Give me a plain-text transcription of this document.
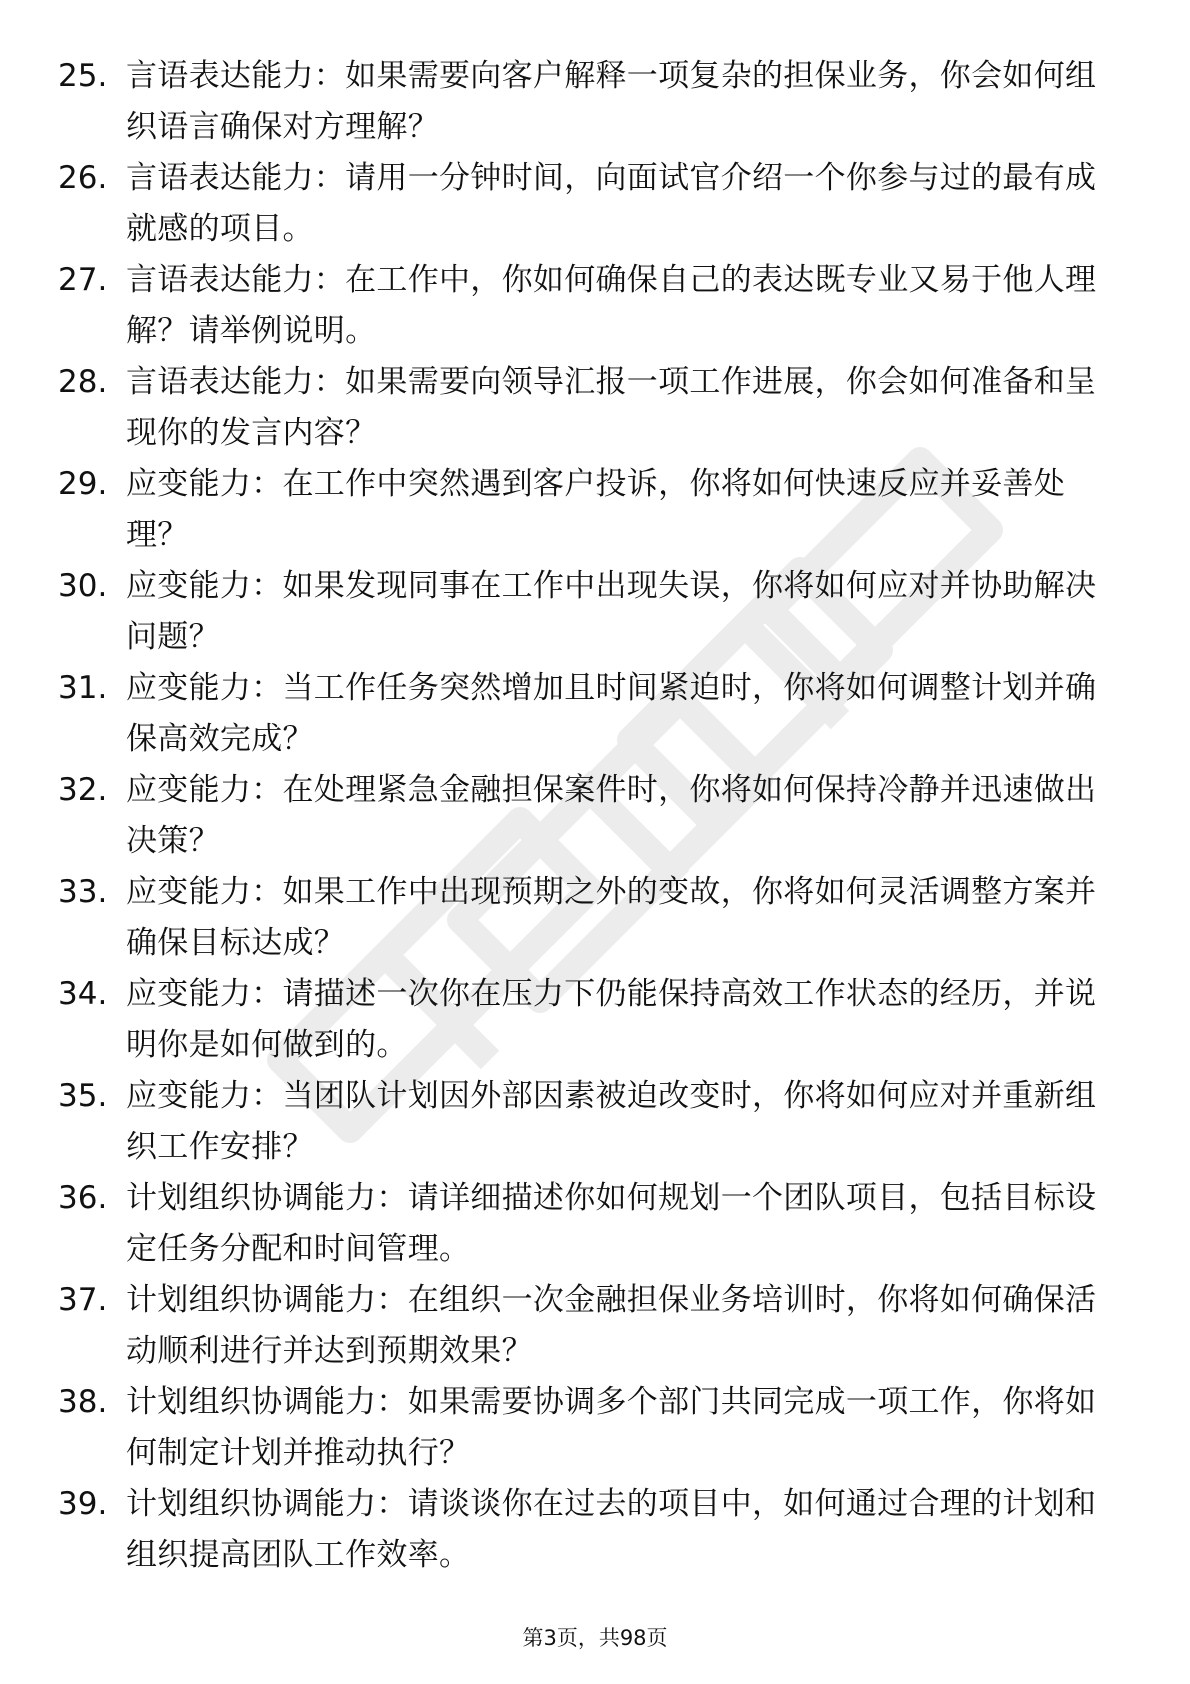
25. 言语表达能力：如果需要向客户解释一项复杂的担保业务，你会如何组织语言确保对方理解？
26. 言语表达能力：请用一分钟时间，向面试官介绍一个你参与过的最有成就感的项目。
27. 言语表达能力：在工作中，你如何确保自己的表达既专业又易于他人理解？请举例说明。
28. 言语表达能力：如果需要向领导汇报一项工作进展，你会如何准备和呈现你的发言内容？
29. 应变能力：在工作中突然遇到客户投诉，你将如何快速反应并妥善处理？
30. 应变能力：如果发现同事在工作中出现失误，你将如何应对并协助解决问题？
31. 应变能力：当工作任务突然增加且时间紧迫时，你将如何调整计划并确保高效完成？
32. 应变能力：在处理紧急金融担保案件时，你将如何保持冷静并迅速做出决策？
33. 应变能力：如果工作中出现预期之外的变故，你将如何灵活调整方案并确保目标达成？
34. 应变能力：请描述一次你在压力下仍能保持高效工作状态的经历，并说明你是如何做到的。
35. 应变能力：当团队计划因外部因素被迫改变时，你将如何应对并重新组织工作安排？
36. 计划组织协调能力：请详细描述你如何规划一个团队项目，包括目标设定任务分配和时间管理。
37. 计划组织协调能力：在组织一次金融担保业务培训时，你将如何确保活动顺利进行并达到预期效果？
38. 计划组织协调能力：如果需要协调多个部门共同完成一项工作，你将如何制定计划并推动执行？
39. 计划组织协调能力：请谈谈你在过去的项目中，如何通过合理的计划和组织提高团队工作效率。
第3页，共98页
